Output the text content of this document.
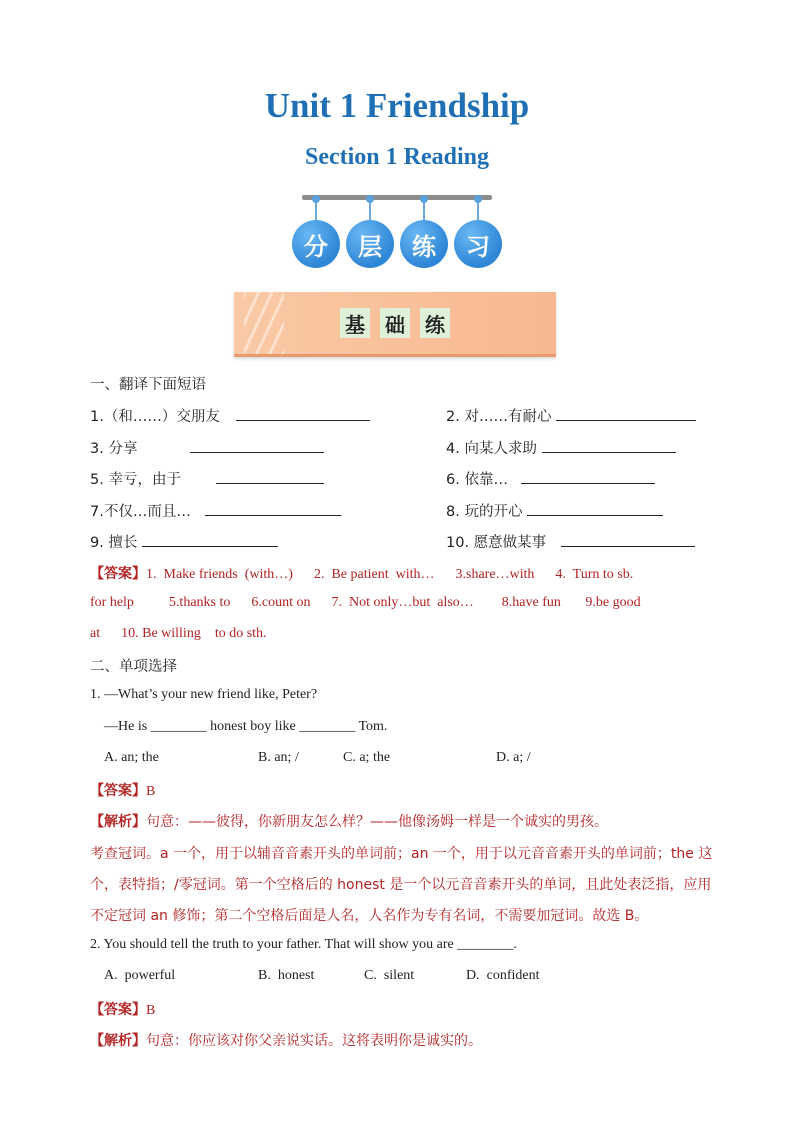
Unit 1 Friendship
Section 1 Reading
分	层	练	习
基 础 练
一、翻译下面短语
1.（和……）交朋友	2. 对……有耐心
3. 分享	4. 向某人求助
5. 幸亏，由于	6. 依靠…
7.不仅…而且…	8. 玩的开心
9. 擅长	10. 愿意做某事
【答案】1.  Make friends  (with…)      2.  Be patient  with…      3.share…with      4.  Turn to sb.
for help          5.thanks to      6.count on      7.  Not only…but  also…        8.have fun       9.be good
at      10. Be willing    to do sth.
二、单项选择
1. —What’s your new friend like, Peter?
—He is ________ honest boy like ________ Tom.
A. an; the	B. an; /	C. a; the	D. a; /
【答案】B
【解析】句意：——彼得，你新朋友怎么样？——他像汤姆一样是一个诚实的男孩。
考查冠词。a 一个，用于以辅音音素开头的单词前；an 一个，用于以元音音素开头的单词前；the 这
个，表特指；/零冠词。第一个空格后的 honest 是一个以元音音素开头的单词，且此处表泛指，应用
不定冠词 an 修饰；第二个空格后面是人名，人名作为专有名词，不需要加冠词。故选 B。
2. You should tell the truth to your father. That will show you are ________.
A.  powerful	B.  honest	C.  silent	D.  confident
【答案】B
【解析】句意：你应该对你父亲说实话。这将表明你是诚实的。
